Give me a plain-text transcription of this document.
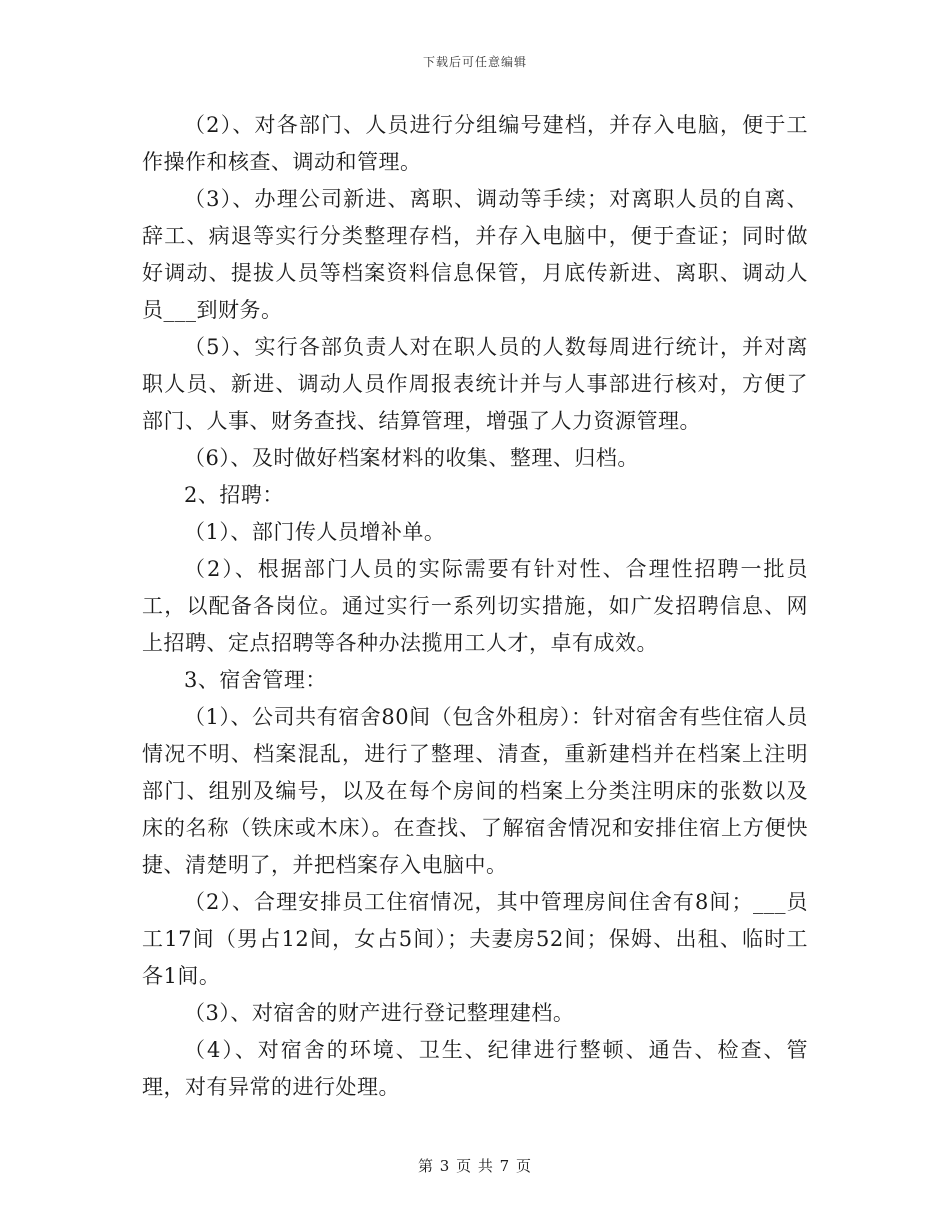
下载后可任意编辑

（2）、对各部门、人员进行分组编号建档，并存入电脑，便于工作操作和核查、调动和管理。

（3）、办理公司新进、离职、调动等手续；对离职人员的自离、辞工、病退等实行分类整理存档，并存入电脑中，便于查证；同时做好调动、提拔人员等档案资料信息保管，月底传新进、离职、调动人员___到财务。

（5）、实行各部负责人对在职人员的人数每周进行统计，并对离职人员、新进、调动人员作周报表统计并与人事部进行核对，方便了部门、人事、财务查找、结算管理，增强了人力资源管理。

（6）、及时做好档案材料的收集、整理、归档。

2、招聘：

（1）、部门传人员增补单。

（2）、根据部门人员的实际需要有针对性、合理性招聘一批员工，以配备各岗位。通过实行一系列切实措施，如广发招聘信息、网上招聘、定点招聘等各种办法揽用工人才，卓有成效。

3、宿舍管理：

（1）、公司共有宿舍80间（包含外租房）：针对宿舍有些住宿人员情况不明、档案混乱，进行了整理、清查，重新建档并在档案上注明部门、组别及编号，以及在每个房间的档案上分类注明床的张数以及床的名称（铁床或木床）。在查找、了解宿舍情况和安排住宿上方便快捷、清楚明了，并把档案存入电脑中。

（2）、合理安排员工住宿情况，其中管理房间住舍有8间；___员工17间（男占12间，女占5间）；夫妻房52间；保姆、出租、临时工各1间。

（3）、对宿舍的财产进行登记整理建档。

（4）、对宿舍的环境、卫生、纪律进行整顿、通告、检查、管理，对有异常的进行处理。

第 3 页 共 7 页
